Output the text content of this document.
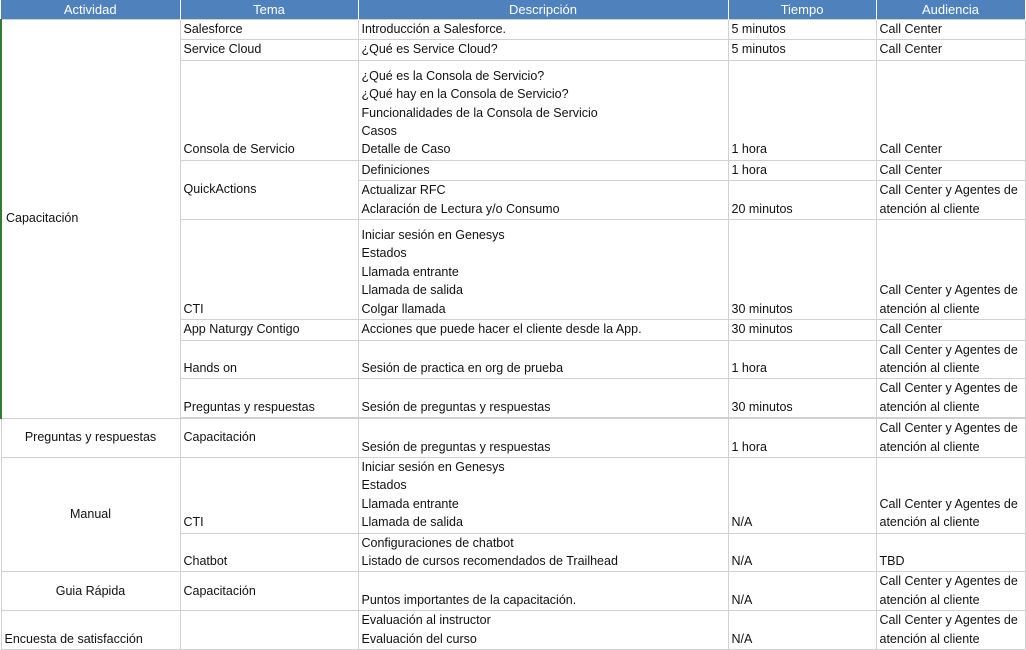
Actividad	Tema	Descripción	Tiempo	Audiencia
Capacitación	Salesforce	Introducción a Salesforce.	5 minutos	Call Center

	Service Cloud	¿Qué es Service Cloud?	5 minutos	Call Center

	Consola de Servicio	¿Qué es la Consola de Servicio?
¿Qué hay en la Consola de Servicio?
Funcionalidades de la Consola de Servicio
Casos
Detalle de Caso	1 hora	Call Center

	QuickActions	Definiciones	1 hora	Call Center

		Actualizar RFC
Aclaración de Lectura y/o Consumo	20 minutos	Call Center y Agentes de
atención al cliente

	CTI	Iniciar sesión en Genesys
Estados
Llamada entrante
Llamada de salida
Colgar llamada	30 minutos	Call Center y Agentes de
atención al cliente

	App Naturgy Contigo	Acciones que puede hacer el cliente desde la App.	30 minutos	Call Center

	Hands on	Sesión de practica en org de prueba	1 hora	Call Center y Agentes de
atención al cliente

	Preguntas y respuestas	Sesión de preguntas y respuestas	30 minutos	Call Center y Agentes de
atención al cliente

Preguntas y respuestas	Capacitación	Sesión de preguntas y respuestas	1 hora	Call Center y Agentes de
atención al cliente

Manual	CTI	Iniciar sesión en Genesys
Estados
Llamada entrante
Llamada de salida	N/A	Call Center y Agentes de
atención al cliente

	Chatbot	Configuraciones de chatbot
Listado de cursos recomendados de Trailhead	N/A	TBD

Guia Rápida	Capacitación	Puntos importantes de la capacitación.	N/A	Call Center y Agentes de
atención al cliente

Encuesta de satisfacción		Evaluación al instructor
Evaluación del curso	N/A	Call Center y Agentes de
atención al cliente
